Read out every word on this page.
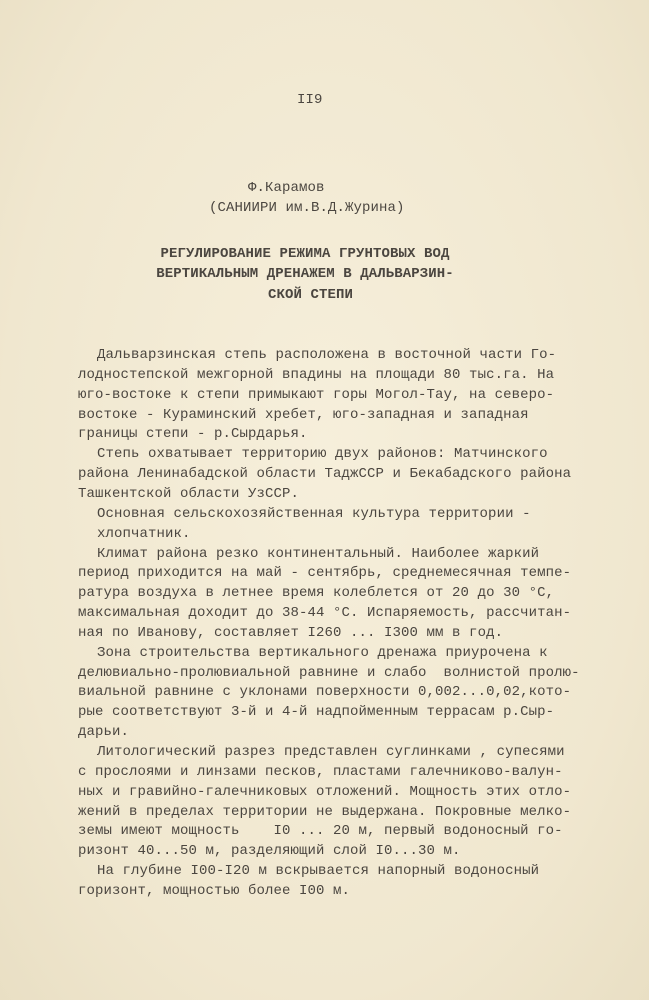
II9
Ф.Карамов
(САНИИРИ им.В.Д.Журина)
РЕГУЛИРОВАНИЕ РЕЖИМА ГРУНТОВЫХ ВОД
ВЕРТИКАЛЬНЫМ ДРЕНАЖЕМ В ДАЛЬВАРЗИН-
СКОЙ СТЕПИ
Дальварзинская степь расположена в восточной части Го-
лодностепской межгорной впадины на площади 80 тыс.га. На
юго-востоке к степи примыкают горы Могол-Тау, на северо-
востоке - Кураминский хребет, юго-западная и западная
границы степи - р.Сырдарья.
Степь охватывает территорию двух районов: Матчинского
района Ленинабадской области ТаджССР и Бекабадского района
Ташкентской области УзССР.
Основная сельскохозяйственная культура территории -
хлопчатник.
Климат района резко континентальный. Наиболее жаркий
период приходится на май - сентябрь, среднемесячная темпе-
ратура воздуха в летнее время колеблется от 20 до 30 °С,
максимальная доходит до 38-44 °С. Испаряемость, рассчитан-
ная по Иванову, составляет I260 ... I300 мм в год.
Зона строительства вертикального дренажа приурочена к
делювиально-пролювиальной равнине и слабо  волнистой пролю-
виальной равнине с уклонами поверхности 0,002...0,02,кото-
рые соответствуют 3-й и 4-й надпойменным террасам р.Сыр-
дарьи.
Литологический разрез представлен суглинками , супесями
с прослоями и линзами песков, пластами галечниково-валун-
ных и гравийно-галечниковых отложений. Мощность этих отло-
жений в пределах территории не выдержана. Покровные мелко-
земы имеют мощность    I0 ... 20 м, первый водоносный го-
ризонт 40...50 м, разделяющий слой I0...30 м.
На глубине I00-I20 м вскрывается напорный водоносный
горизонт, мощностью более I00 м.
